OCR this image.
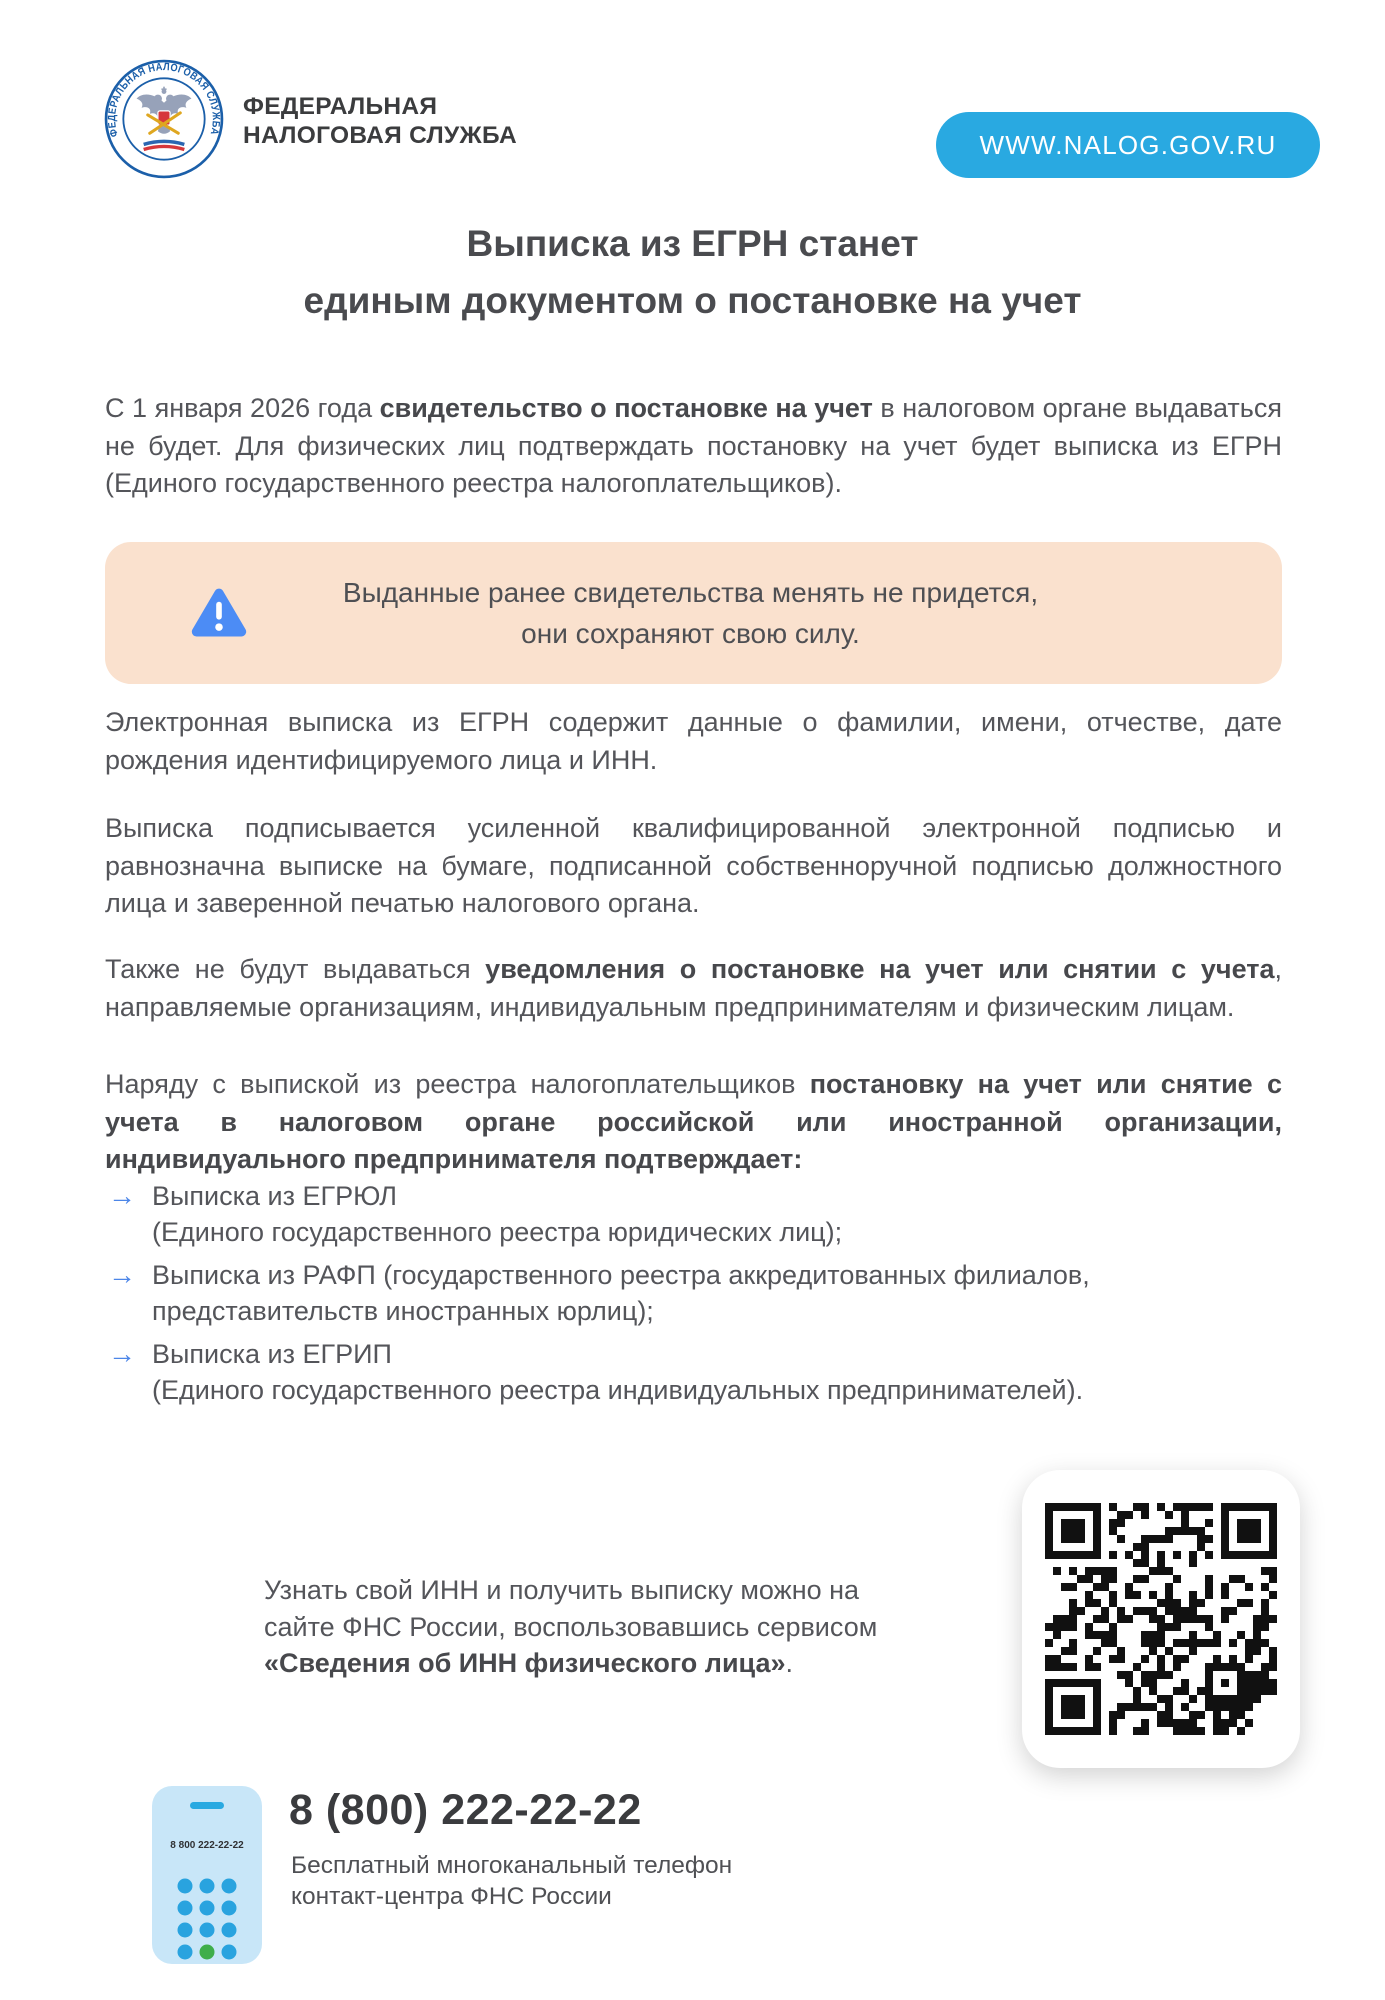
ФЕДЕРАЛЬНАЯ НАЛОГОВАЯ СЛУЖБА
ФЕДЕРАЛЬНАЯ
НАЛОГОВАЯ СЛУЖБА	WWW.NALOG.GOV.RU
Выписка из ЕГРН станет
единым документом о постановке на учет

С 1 января 2026 года свидетельство о постановке на учет в налоговом органе выдаваться не будет. Для физических лиц подтверждать постановку на учет будет выписка из ЕГРН (Единого государственного реестра налогоплательщиков).

Выданные ранее свидетельства менять не придется,
они сохраняют свою силу.

Электронная выписка из ЕГРН содержит данные о фамилии, имени, отчестве, дате рождения идентифицируемого лица и ИНН.

Выписка подписывается усиленной квалифицированной электронной подписью и равнозначна выписке на бумаге, подписанной собственноручной подписью должностного лица и заверенной печатью налогового органа.

Также не будут выдаваться уведомления о постановке на учет или снятии с учета, направляемые организациям, индивидуальным предпринимателям и физическим лицам.

Наряду с выпиской из реестра налогоплательщиков постановку на учет или снятие с учета в налоговом органе российской или иностранной организации, индивидуального предпринимателя подтверждает:

→ Выписка из ЕГРЮЛ
(Единого государственного реестра юридических лиц);
→ Выписка из РАФП (государственного реестра аккредитованных филиалов,
представительств иностранных юрлиц);
→ Выписка из ЕГРИП
(Единого государственного реестра индивидуальных предпринимателей).
Узнать свой ИНН и получить выписку можно на
сайте ФНС России, воспользовавшись сервисом
«Сведения об ИНН физического лица».
8 800 222-22-22
8 (800) 222-22-22
Бесплатный многоканальный телефон
контакт-центра ФНС России
